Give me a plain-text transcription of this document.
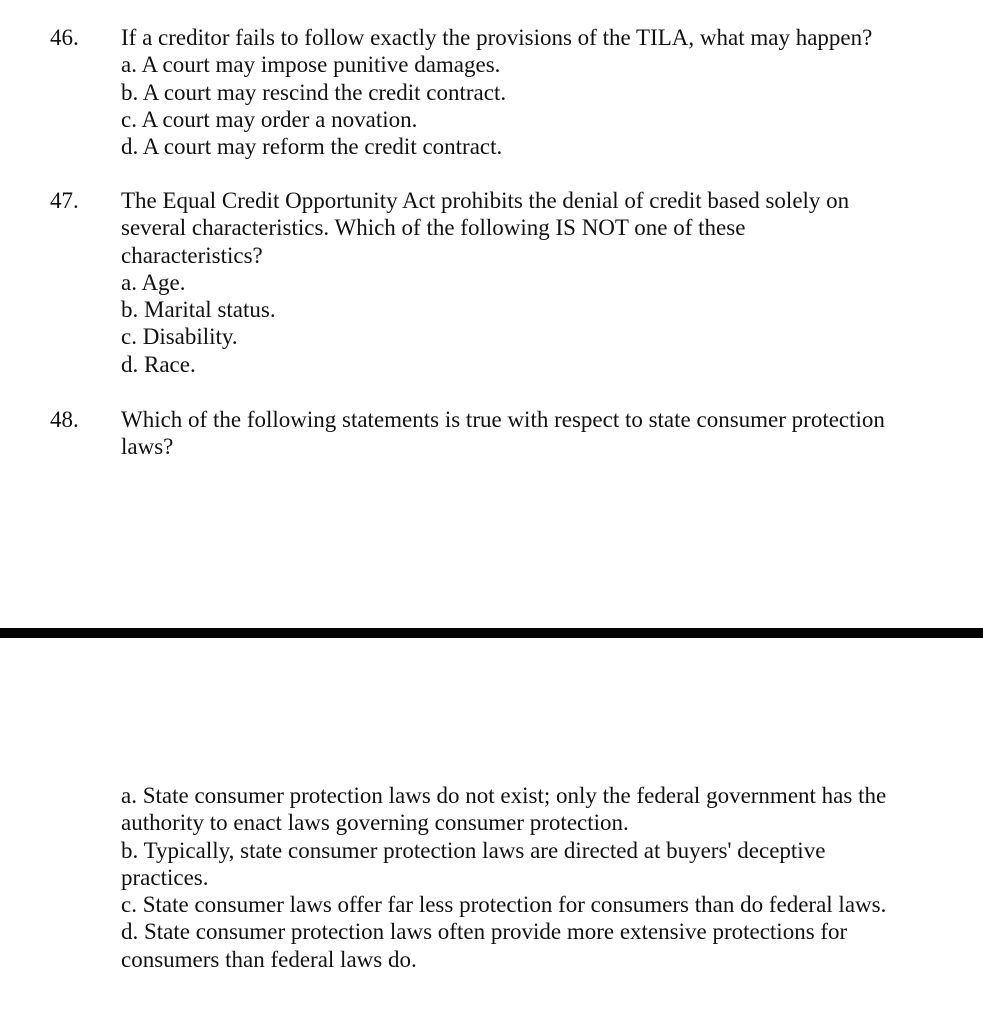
46. If a creditor fails to follow exactly the provisions of the TILA, what may happen?
a. A court may impose punitive damages.
b. A court may rescind the credit contract.
c. A court may order a novation.
d. A court may reform the credit contract.
47. The Equal Credit Opportunity Act prohibits the denial of credit based solely on several characteristics. Which of the following IS NOT one of these characteristics?
a. Age.
b. Marital status.
c. Disability.
d. Race.
48. Which of the following statements is true with respect to state consumer protection laws?
a. State consumer protection laws do not exist; only the federal government has the authority to enact laws governing consumer protection.
b. Typically, state consumer protection laws are directed at buyers' deceptive practices.
c. State consumer laws offer far less protection for consumers than do federal laws.
d. State consumer protection laws often provide more extensive protections for consumers than federal laws do.
